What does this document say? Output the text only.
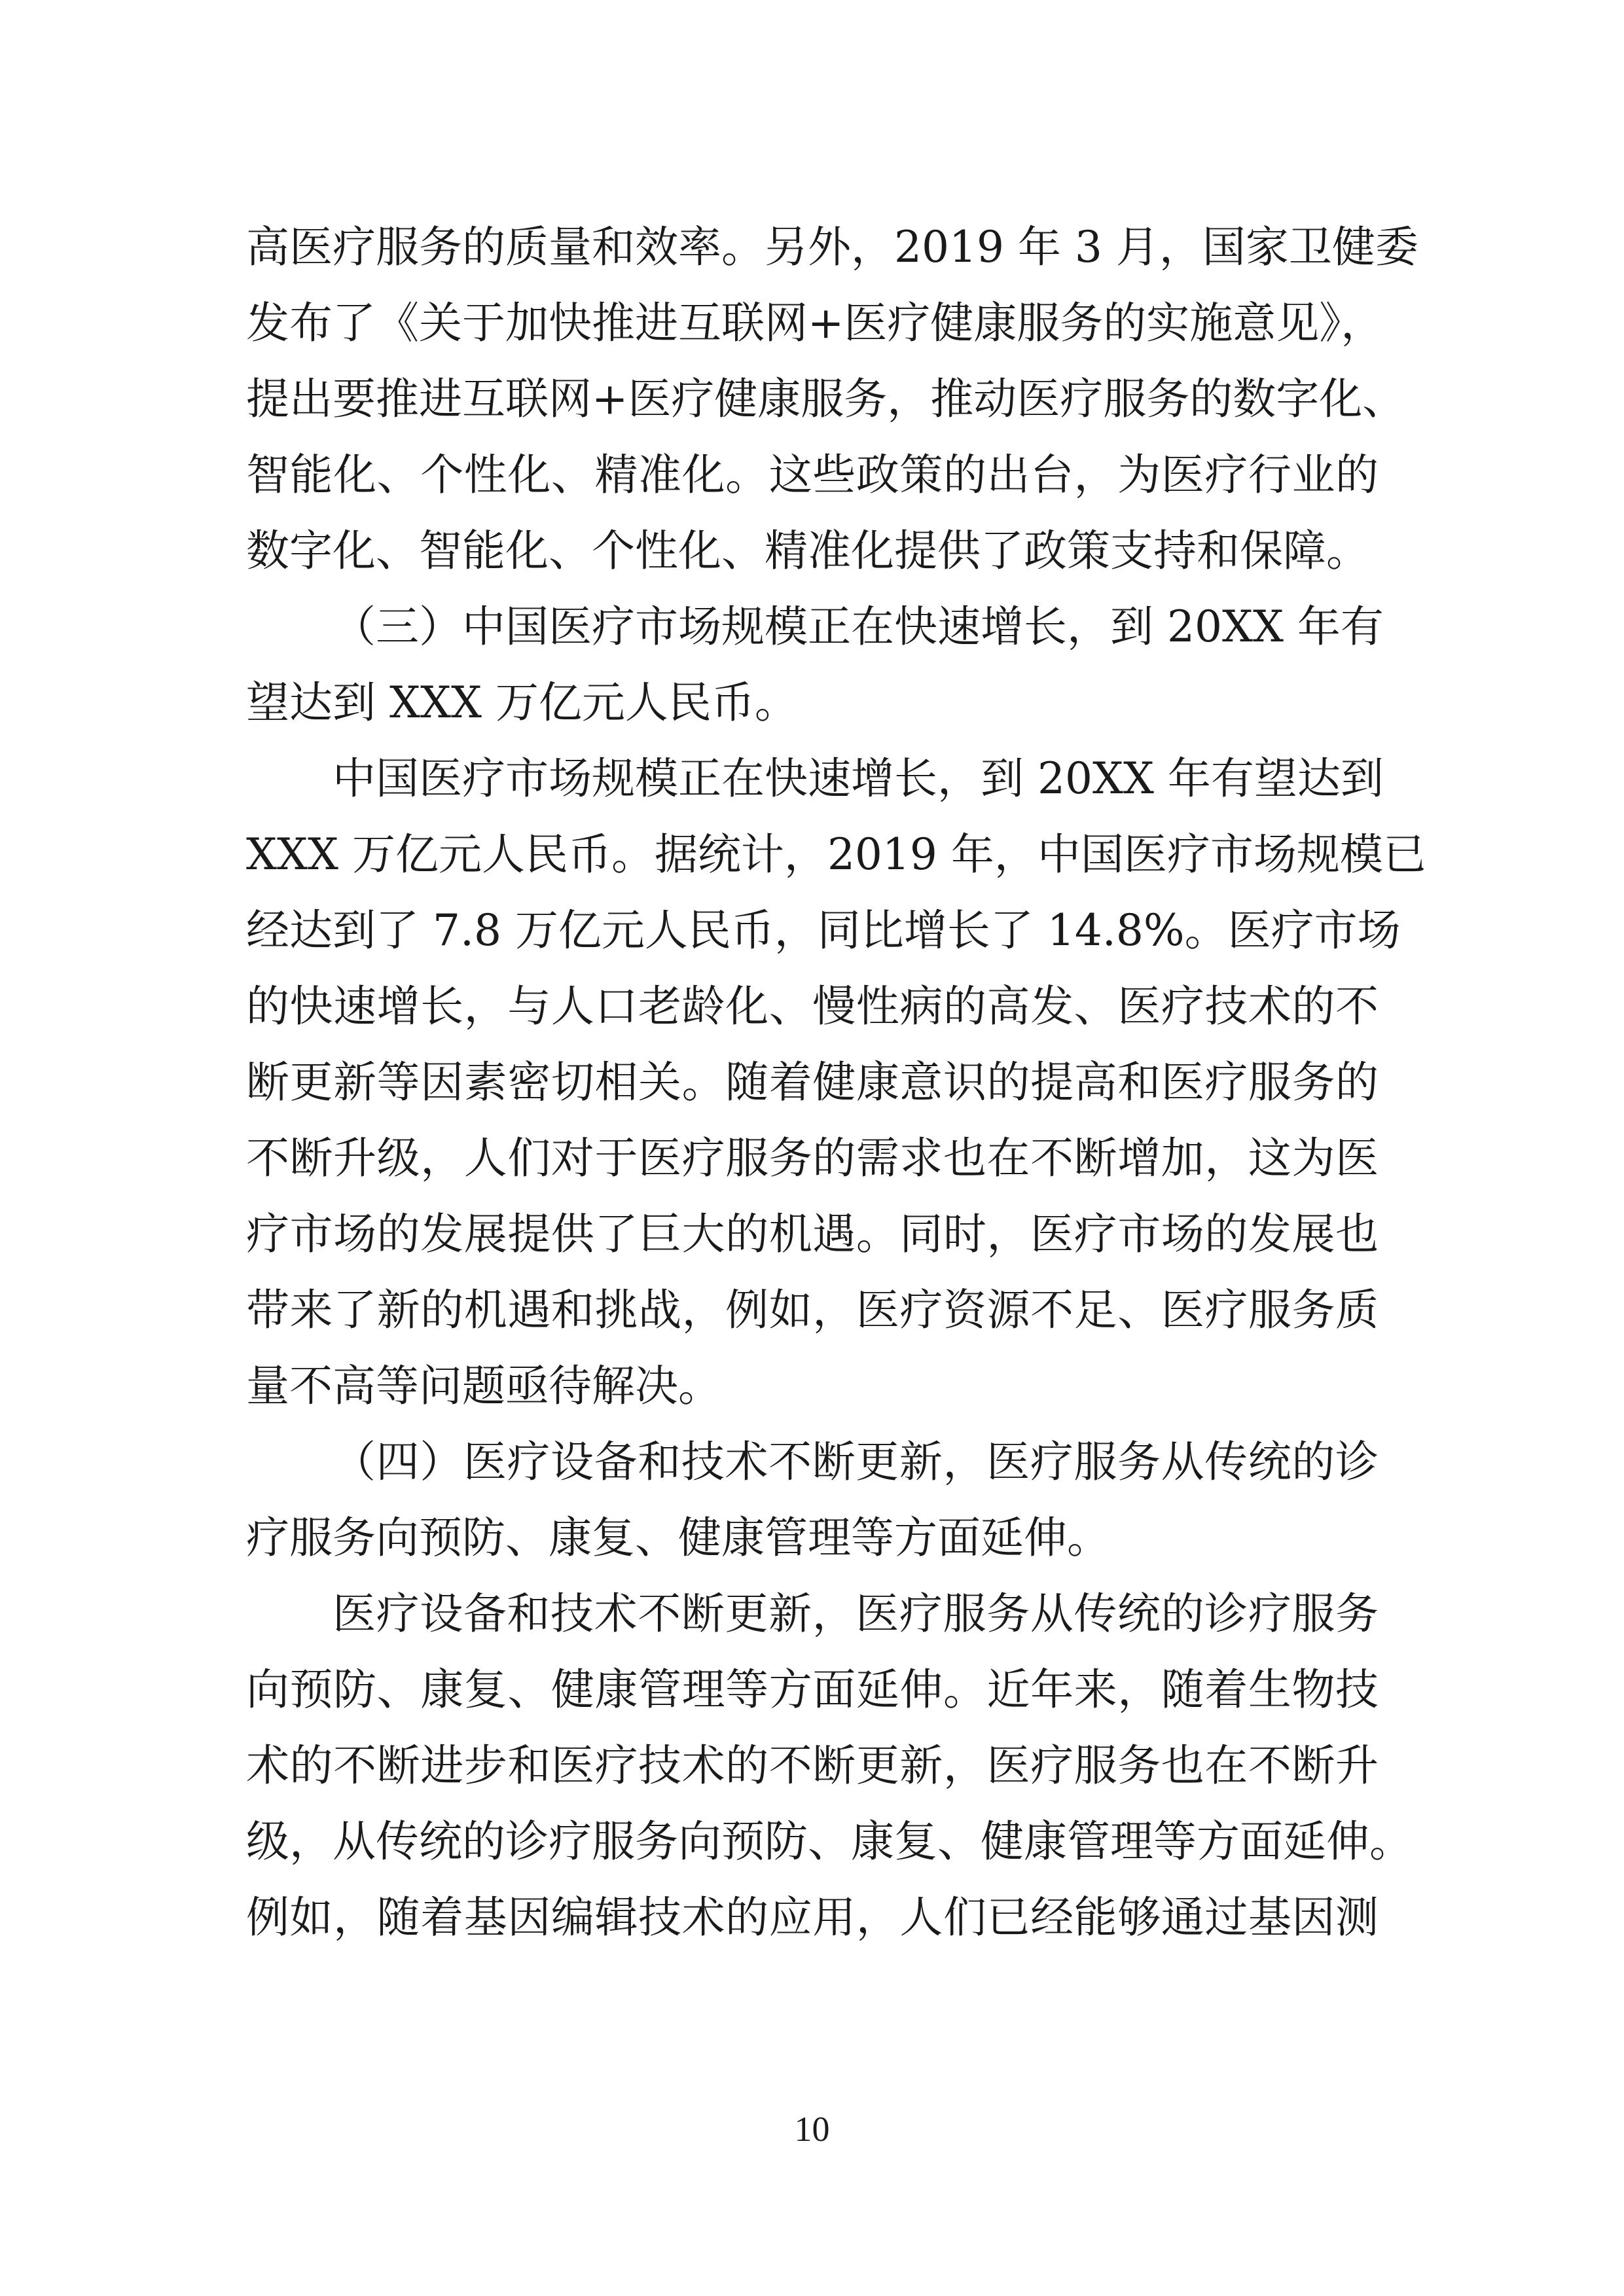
高医疗服务的质量和效率。另外，2019 年 3 月，国家卫健委
发布了《关于加快推进互联网+医疗健康服务的实施意见》，
提出要推进互联网+医疗健康服务，推动医疗服务的数字化、
智能化、个性化、精准化。这些政策的出台，为医疗行业的
数字化、智能化、个性化、精准化提供了政策支持和保障。
（三）中国医疗市场规模正在快速增长，到 20XX 年有
望达到 XXX 万亿元人民币。
中国医疗市场规模正在快速增长，到 20XX 年有望达到
XXX 万亿元人民币。据统计，2019 年，中国医疗市场规模已
经达到了 7.8 万亿元人民币，同比增长了 14.8%。医疗市场
的快速增长，与人口老龄化、慢性病的高发、医疗技术的不
断更新等因素密切相关。随着健康意识的提高和医疗服务的
不断升级，人们对于医疗服务的需求也在不断增加，这为医
疗市场的发展提供了巨大的机遇。同时，医疗市场的发展也
带来了新的机遇和挑战，例如，医疗资源不足、医疗服务质
量不高等问题亟待解决。
（四）医疗设备和技术不断更新，医疗服务从传统的诊
疗服务向预防、康复、健康管理等方面延伸。
医疗设备和技术不断更新，医疗服务从传统的诊疗服务
向预防、康复、健康管理等方面延伸。近年来，随着生物技
术的不断进步和医疗技术的不断更新，医疗服务也在不断升
级，从传统的诊疗服务向预防、康复、健康管理等方面延伸。
例如，随着基因编辑技术的应用，人们已经能够通过基因测
10
